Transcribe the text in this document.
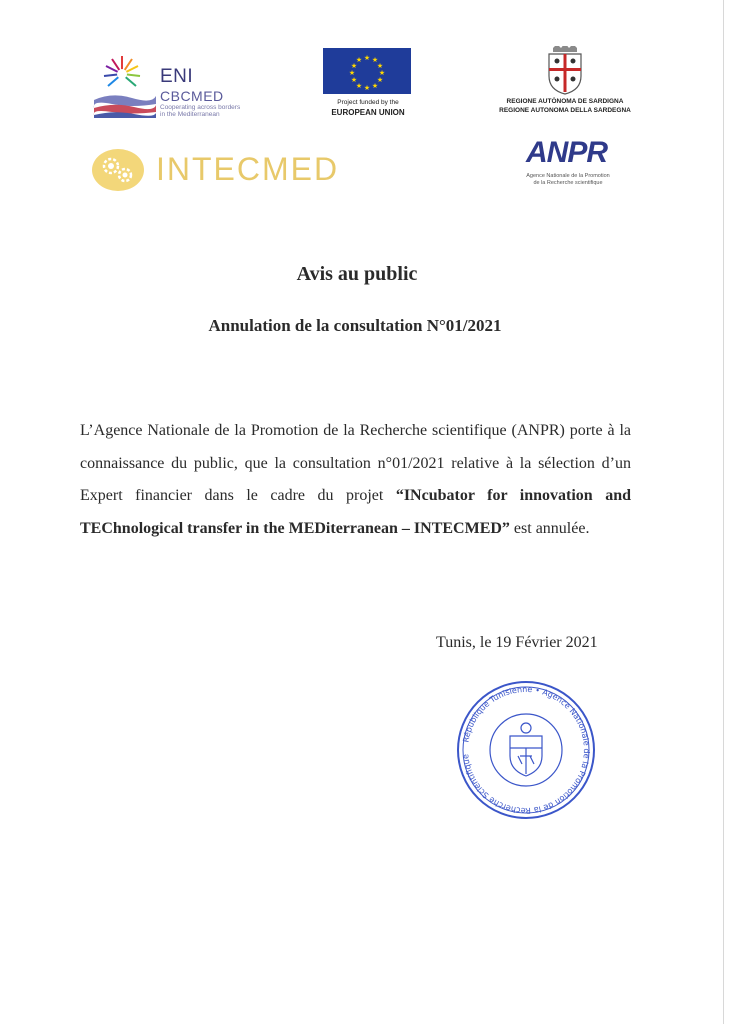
ENI
CBCMED
Cooperating across borders
in the Mediterranean
★ ★
★
★
★
★
★
★
★
★
★
★
Project funded by the
EUROPEAN UNION
REGIONE AUTÒNOMA DE SARDIGNA
REGIONE AUTONOMA DELLA SARDEGNA
INTECMED	ANPR
Agence Nationale de la Promotion
de la Recherche scientifique
Avis au public
Annulation de la consultation N°01/2021
L’Agence Nationale de la Promotion de la Recherche scientifique (ANPR) porte à la connaissance du public, que la consultation n°01/2021 relative à la sélection d’un Expert financier dans le cadre du projet “INcubator for innovation and TEChnological transfer in the MEDiterranean – INTECMED” est annulée.
Tunis, le 19 Février 2021
République Tunisienne • Agence Nationale de la Promotion de la Recherche Scientifique
